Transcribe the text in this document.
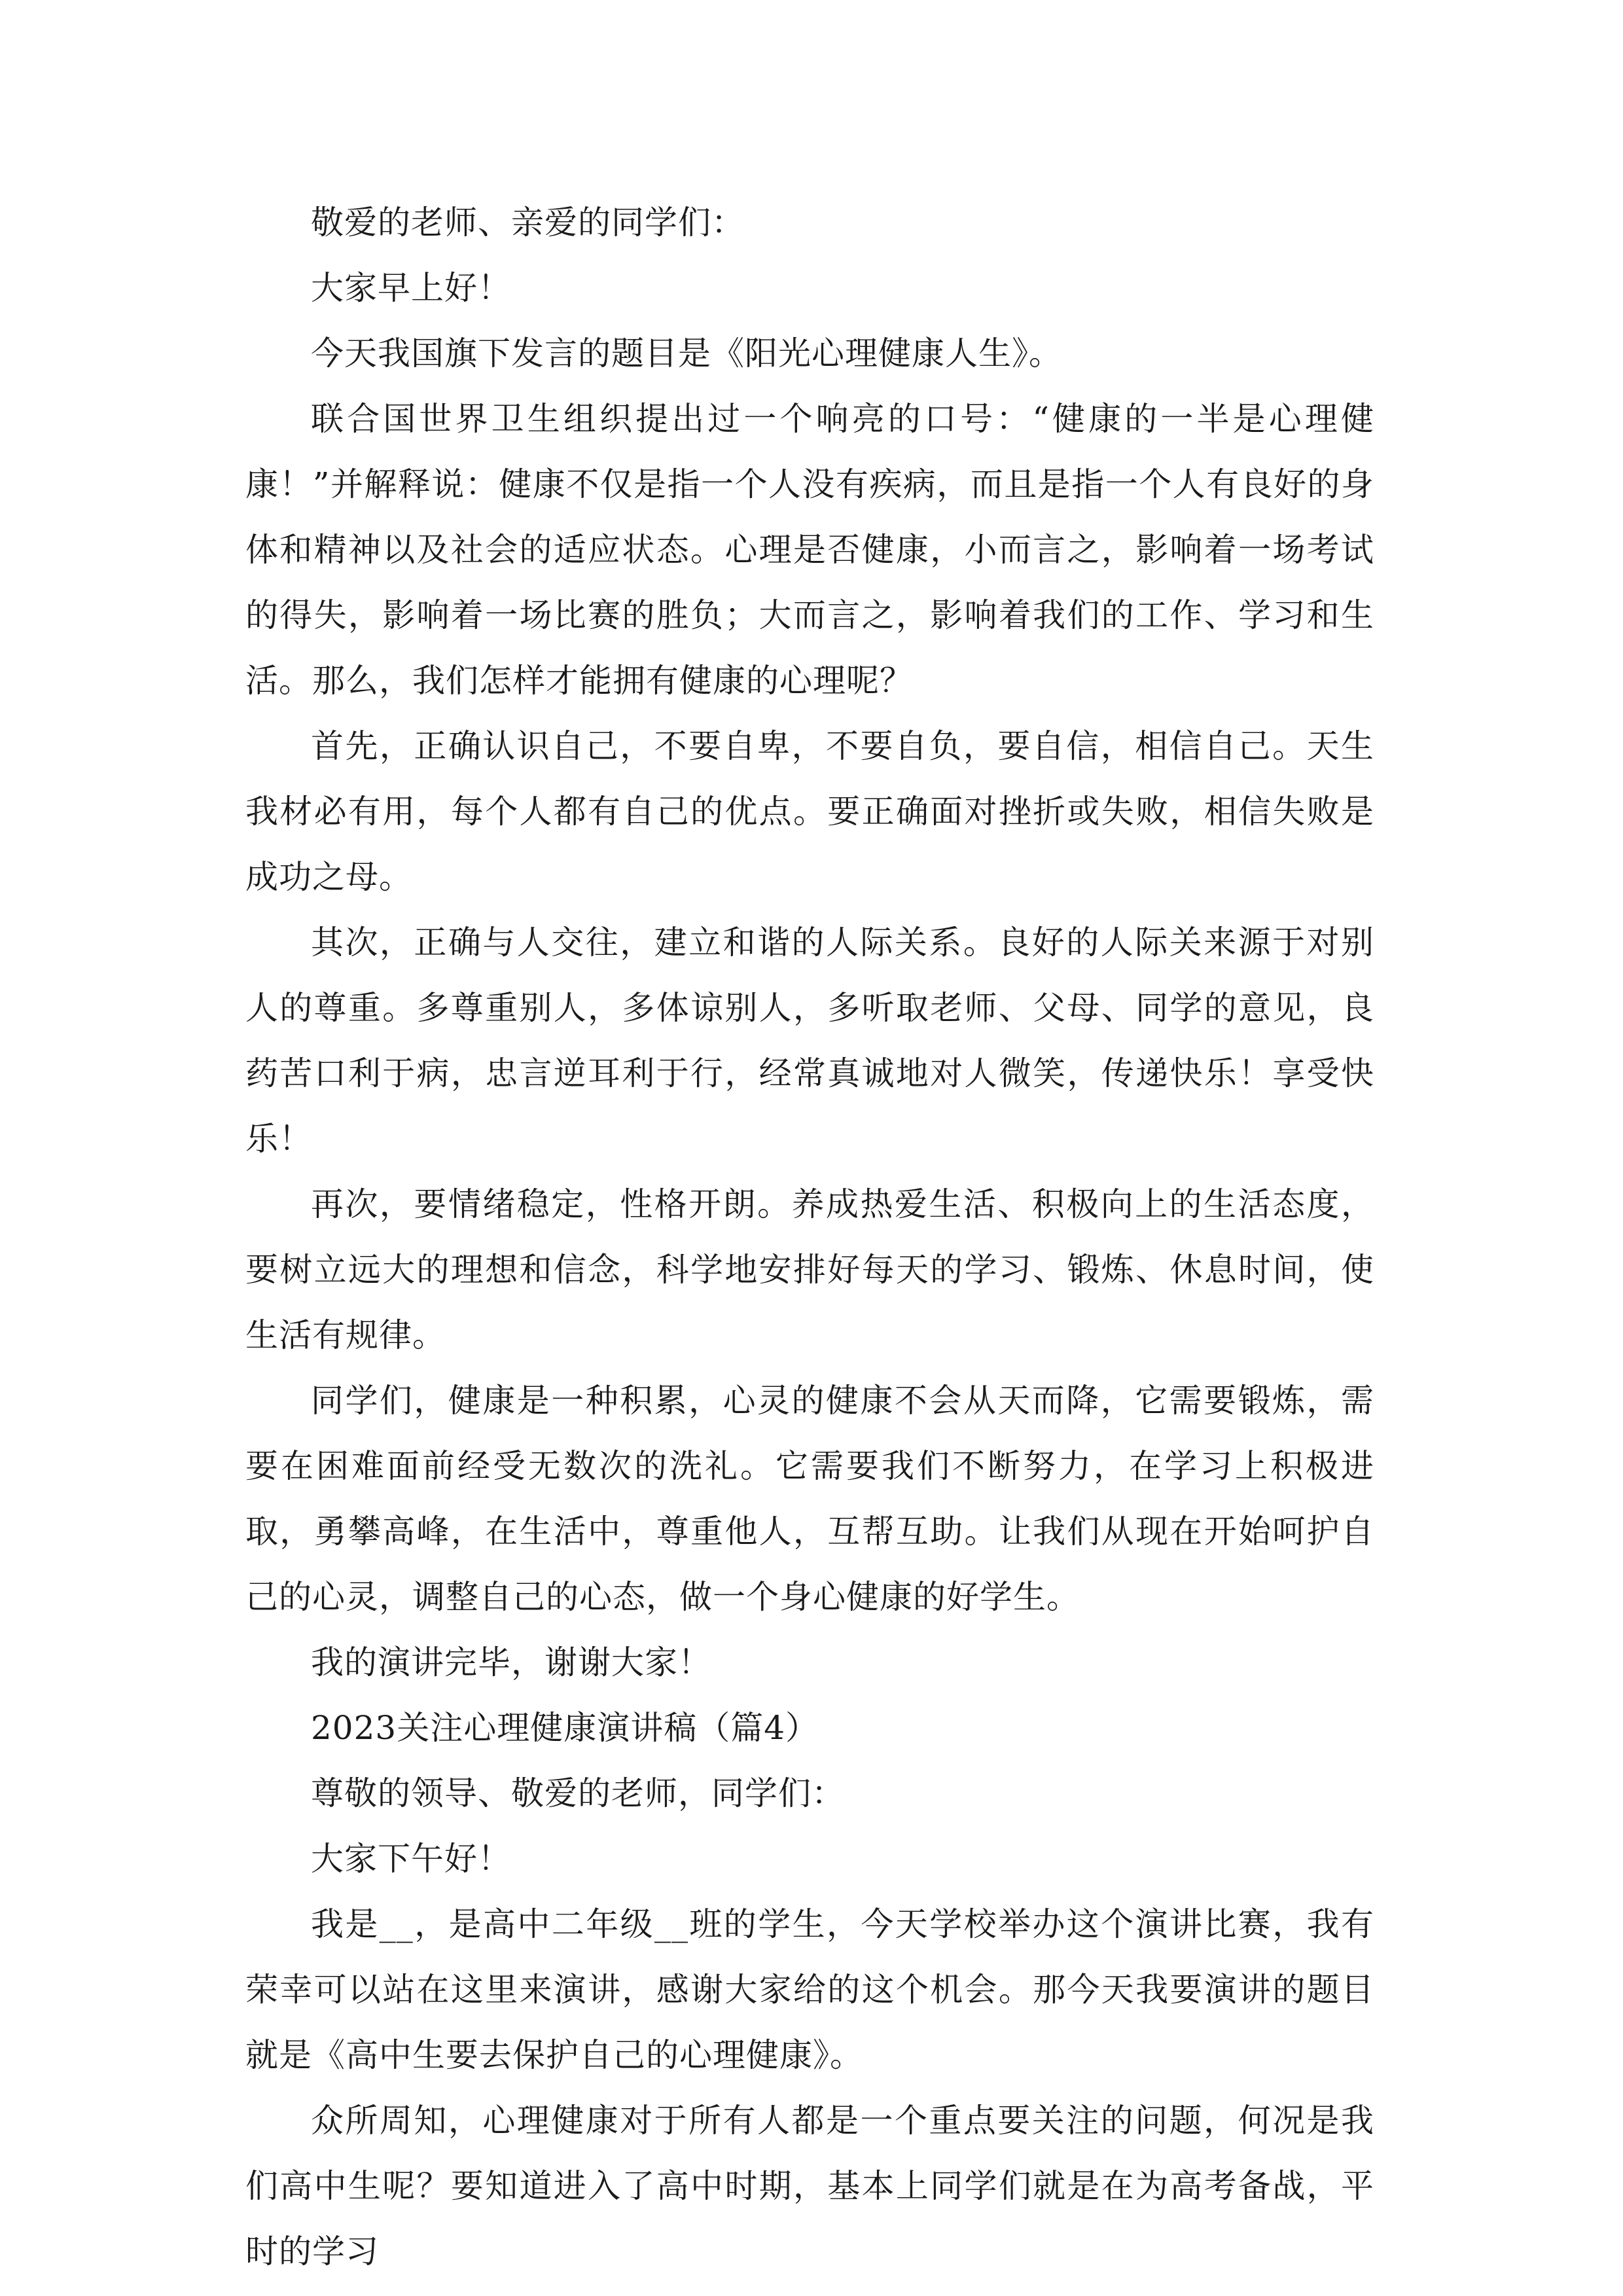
敬爱的老师、亲爱的同学们：

大家早上好！

今天我国旗下发言的题目是《阳光心理健康人生》。

联合国世界卫生组织提出过一个响亮的口号：“健康的一半是心理健康！”并解释说：健康不仅是指一个人没有疾病，而且是指一个人有良好的身体和精神以及社会的适应状态。心理是否健康，小而言之，影响着一场考试的得失，影响着一场比赛的胜负；大而言之，影响着我们的工作、学习和生活。那么，我们怎样才能拥有健康的心理呢？

首先，正确认识自己，不要自卑，不要自负，要自信，相信自己。天生我材必有用，每个人都有自己的优点。要正确面对挫折或失败，相信失败是成功之母。

其次，正确与人交往，建立和谐的人际关系。良好的人际关来源于对别人的尊重。多尊重别人，多体谅别人，多听取老师、父母、同学的意见，良药苦口利于病，忠言逆耳利于行，经常真诚地对人微笑，传递快乐！享受快乐！

再次，要情绪稳定，性格开朗。养成热爱生活、积极向上的生活态度，要树立远大的理想和信念，科学地安排好每天的学习、锻炼、休息时间，使生活有规律。

同学们，健康是一种积累，心灵的健康不会从天而降，它需要锻炼，需要在困难面前经受无数次的洗礼。它需要我们不断努力，在学习上积极进取，勇攀高峰，在生活中，尊重他人，互帮互助。让我们从现在开始呵护自己的心灵，调整自己的心态，做一个身心健康的好学生。

我的演讲完毕，谢谢大家！

2023关注心理健康演讲稿（篇4）

尊敬的领导、敬爱的老师，同学们：

大家下午好！

我是__，是高中二年级__班的学生，今天学校举办这个演讲比赛，我有荣幸可以站在这里来演讲，感谢大家给的这个机会。那今天我要演讲的题目就是《高中生要去保护自己的心理健康》。

众所周知，心理健康对于所有人都是一个重点要关注的问题，何况是我们高中生呢？要知道进入了高中时期，基本上同学们就是在为高考备战，平时的学习
